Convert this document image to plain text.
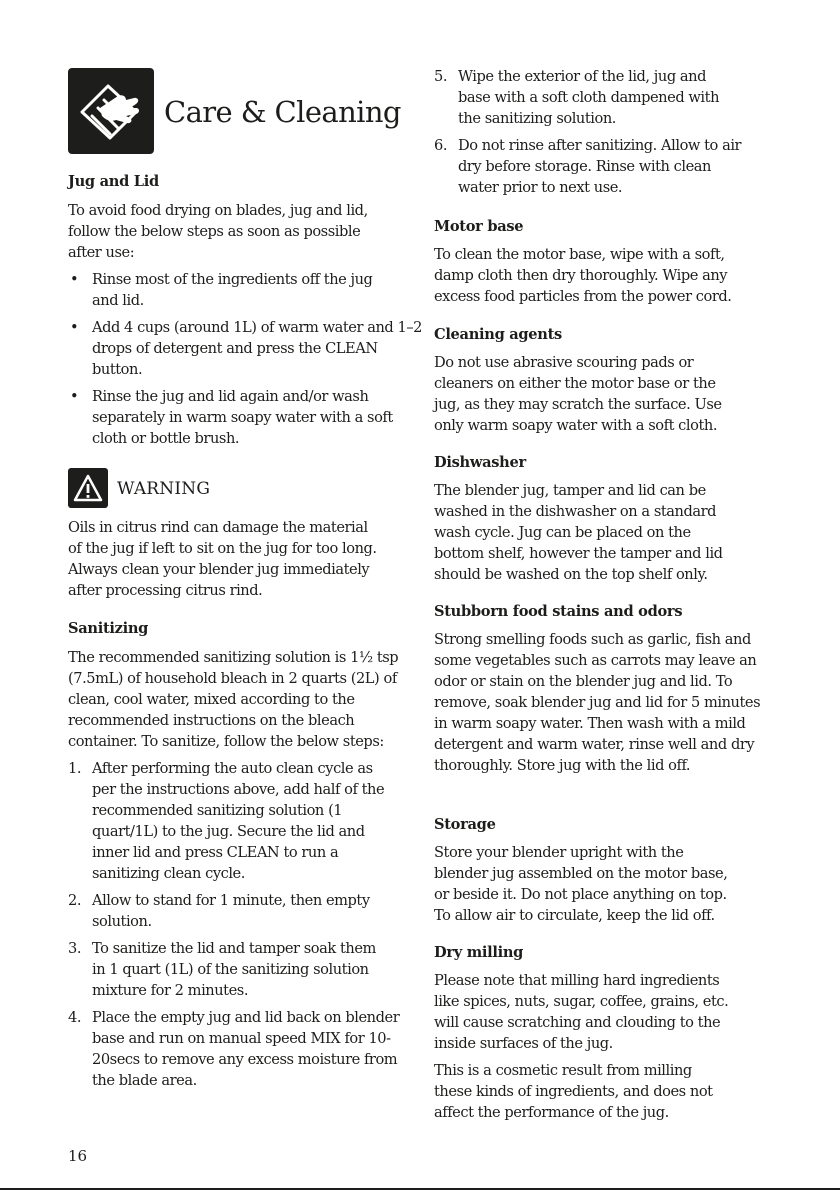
Care & Cleaning
Jug and Lid

To avoid food drying on blades, jug and lid, follow the below steps as soon as possible after use:

• Rinse most of the ingredients off the jug and lid.
• Add 4 cups (around 1L) of warm water and 1–2 drops of detergent and press the CLEAN button.
• Rinse the jug and lid again and/or wash separately in warm soapy water with a soft cloth or bottle brush.
WARNING

Oils in citrus rind can damage the material of the jug if left to sit on the jug for too long. Always clean your blender jug immediately after processing citrus rind.

Sanitizing

The recommended sanitizing solution is 1½ tsp (7.5mL) of household bleach in 2 quarts (2L) of clean, cool water, mixed according to the recommended instructions on the bleach container. To sanitize, follow the below steps:

1. After performing the auto clean cycle as per the instructions above, add half of the recommended sanitizing solution (1 quart/1L) to the jug. Secure the lid and inner lid and press CLEAN to run a sanitizing clean cycle.
2. Allow to stand for 1 minute, then empty solution.
3. To sanitize the lid and tamper soak them in 1 quart (1L) of the sanitizing solution mixture for 2 minutes.
4. Place the empty jug and lid back on blender base and run on manual speed MIX for 10-20secs to remove any excess moisture from the blade area.
5. Wipe the exterior of the lid, jug and base with a soft cloth dampened with the sanitizing solution.
6. Do not rinse after sanitizing. Allow to air dry before storage. Rinse with clean water prior to next use.
Motor base

To clean the motor base, wipe with a soft, damp cloth then dry thoroughly. Wipe any excess food particles from the power cord.

Cleaning agents

Do not use abrasive scouring pads or cleaners on either the motor base or the jug, as they may scratch the surface. Use only warm soapy water with a soft cloth.

Dishwasher

The blender jug, tamper and lid can be washed in the dishwasher on a standard wash cycle. Jug can be placed on the bottom shelf, however the tamper and lid should be washed on the top shelf only.

Stubborn food stains and odors

Strong smelling foods such as garlic, fish and some vegetables such as carrots may leave an odor or stain on the blender jug and lid. To remove, soak blender jug and lid for 5 minutes in warm soapy water. Then wash with a mild detergent and warm water, rinse well and dry thoroughly. Store jug with the lid off.

Storage

Store your blender upright with the blender jug assembled on the motor base, or beside it. Do not place anything on top. To allow air to circulate, keep the lid off.

Dry milling

Please note that milling hard ingredients like spices, nuts, sugar, coffee, grains, etc. will cause scratching and clouding to the inside surfaces of the jug.

This is a cosmetic result from milling these kinds of ingredients, and does not affect the performance of the jug.

16
